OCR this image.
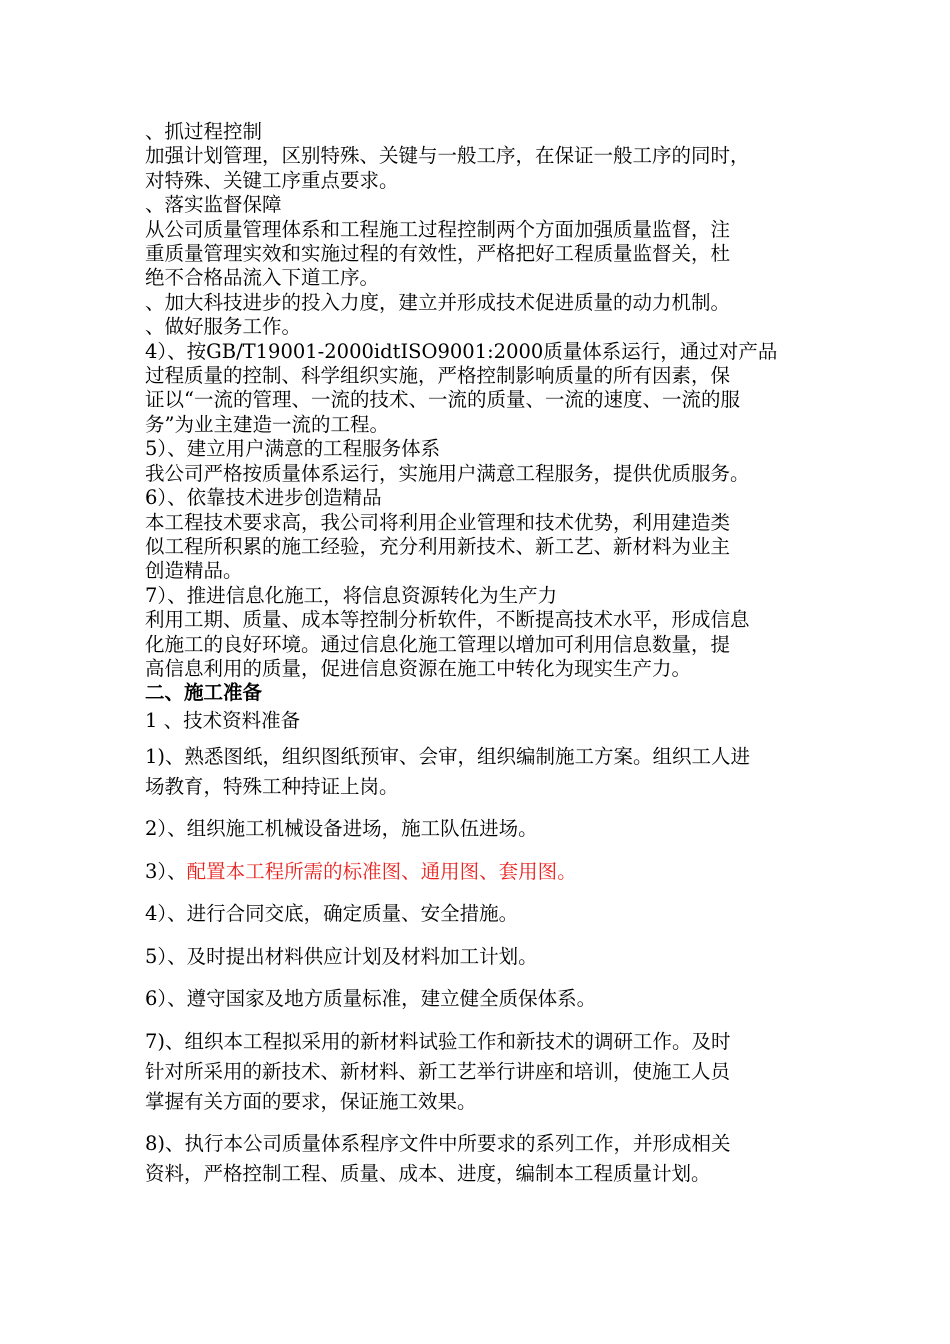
、抓过程控制
加强计划管理，区别特殊、关键与一般工序，在保证一般工序的同时，
对特殊、关键工序重点要求。
、落实监督保障
从公司质量管理体系和工程施工过程控制两个方面加强质量监督，注
重质量管理实效和实施过程的有效性，严格把好工程质量监督关，杜
绝不合格品流入下道工序。
、加大科技进步的投入力度，建立并形成技术促进质量的动力机制。
、做好服务工作。
4）、按GB/T19001-2000idtISO9001:2000质量体系运行，通过对产品
过程质量的控制、科学组织实施，严格控制影响质量的所有因素，保
证以“一流的管理、一流的技术、一流的质量、一流的速度、一流的服
务”为业主建造一流的工程。
5）、建立用户满意的工程服务体系
我公司严格按质量体系运行，实施用户满意工程服务，提供优质服务。
6）、依靠技术进步创造精品
本工程技术要求高，我公司将利用企业管理和技术优势，利用建造类
似工程所积累的施工经验，充分利用新技术、新工艺、新材料为业主
创造精品。
7）、推进信息化施工，将信息资源转化为生产力
利用工期、质量、成本等控制分析软件，不断提高技术水平，形成信息
化施工的良好环境。通过信息化施工管理以增加可利用信息数量，提
高信息利用的质量，促进信息资源在施工中转化为现实生产力。
二、施工准备
1 、技术资料准备
1)、熟悉图纸，组织图纸预审、会审，组织编制施工方案。组织工人进
场教育，特殊工种持证上岗。
2）、组织施工机械设备进场，施工队伍进场。
3）、配置本工程所需的标准图、通用图、套用图。
4）、进行合同交底，确定质量、安全措施。
5）、及时提出材料供应计划及材料加工计划。
6）、遵守国家及地方质量标准，建立健全质保体系。
7)、组织本工程拟采用的新材料试验工作和新技术的调研工作。及时
针对所采用的新技术、新材料、新工艺举行讲座和培训，使施工人员
掌握有关方面的要求，保证施工效果。
8)、执行本公司质量体系程序文件中所要求的系列工作，并形成相关
资料，严格控制工程、质量、成本、进度，编制本工程质量计划。
